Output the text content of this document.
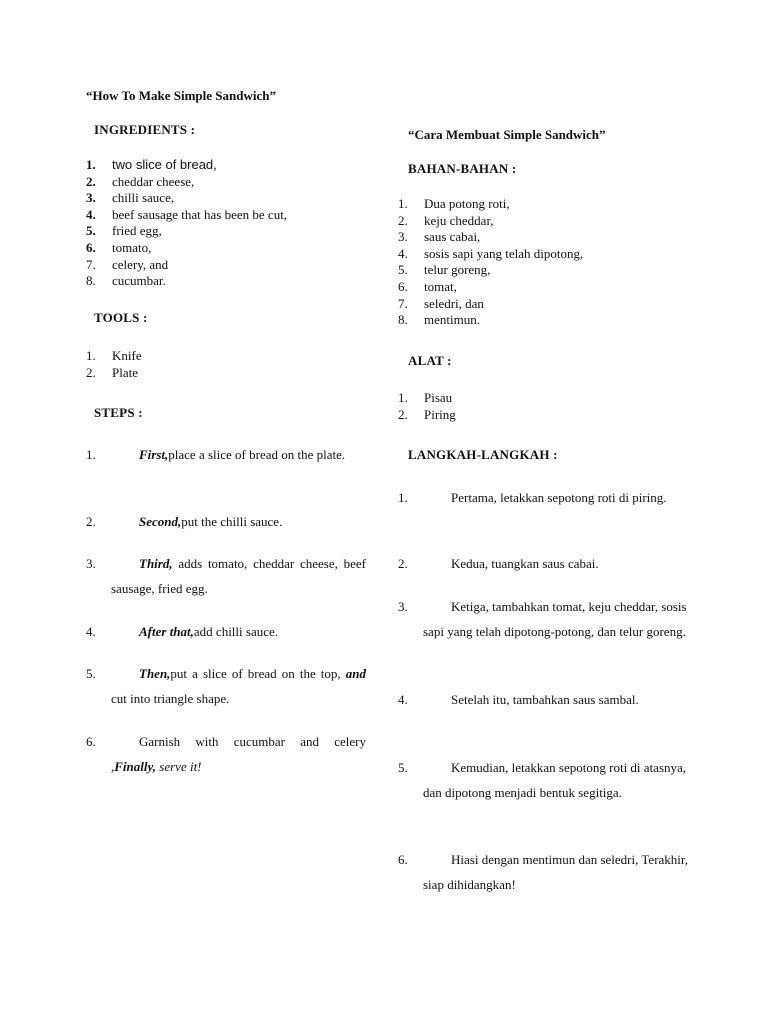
“How To Make Simple Sandwich”
INGREDIENTS :
1. two slice of bread,
2. cheddar cheese,
3. chilli sauce,
4. beef sausage that has been be cut,
5. fried egg,
6. tomato,
7. celery, and
8. cucumbar.
TOOLS :
1. Knife
2. Plate
STEPS :
1.	First,place a slice of bread on the plate.
2.	Second,put the chilli sauce.
3.	Third, adds tomato, cheddar cheese, beef sausage, fried egg.
4.	After that,add chilli sauce.
5.	Then,put a slice of bread on the top, and cut into triangle shape.
6.	Garnish with cucumbar and celery ,Finally, serve it!
“Cara Membuat Simple Sandwich”
BAHAN-BAHAN :
1. Dua potong roti,
2. keju cheddar,
3. saus cabai,
4. sosis sapi yang telah dipotong,
5. telur goreng,
6. tomat,
7. seledri, dan
8. mentimun.
ALAT :
1. Pisau
2. Piring
LANGKAH-LANGKAH :
1.	Pertama, letakkan sepotong roti di piring.
2.	Kedua, tuangkan saus cabai.
3.	Ketiga, tambahkan tomat, keju cheddar, sosis sapi yang telah dipotong-potong, dan telur goreng.
4.	Setelah itu, tambahkan saus sambal.
5.	Kemudian, letakkan sepotong roti di atasnya, dan dipotong menjadi bentuk segitiga.
6.	Hiasi dengan mentimun dan seledri, Terakhir, siap dihidangkan!
